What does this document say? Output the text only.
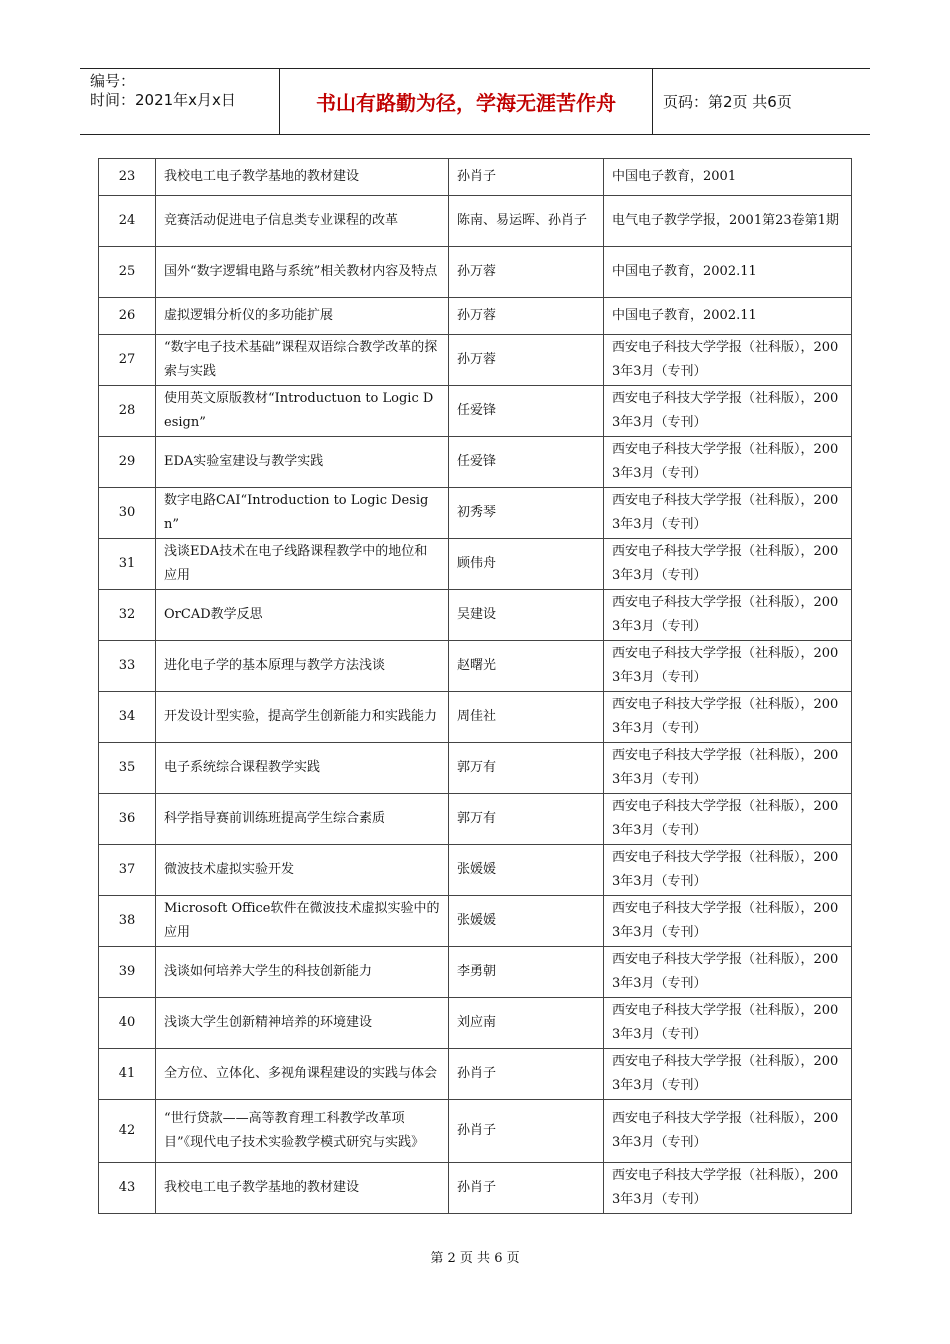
编号：
时间：2021年x月x日	书山有路勤为径，学海无涯苦作舟	页码：第2页 共6页
23	我校电工电子教学基地的教材建设	孙肖子	中国电子教育，2001
24	竞赛活动促进电子信息类专业课程的改革	陈南、易运晖、孙肖子	电气电子教学学报，2001第23卷第1期
25	国外“数字逻辑电路与系统”相关教材内容及特点	孙万蓉	中国电子教育，2002.11
26	虚拟逻辑分析仪的多功能扩展	孙万蓉	中国电子教育，2002.11
27	“数字电子技术基础”课程双语综合教学改革的探索与实践	孙万蓉	西安电子科技大学学报（社科版），2003年3月（专刊）
28	使用英文原版教材“Introductuon to Logic Design”	任爱锋	西安电子科技大学学报（社科版），2003年3月（专刊）
29	EDA实验室建设与教学实践	任爱锋	西安电子科技大学学报（社科版），2003年3月（专刊）
30	数字电路CAI“Introduction to Logic Design”	初秀琴	西安电子科技大学学报（社科版），2003年3月（专刊）
31	浅谈EDA技术在电子线路课程教学中的地位和应用	顾伟舟	西安电子科技大学学报（社科版），2003年3月（专刊）
32	OrCAD教学反思	吴建设	西安电子科技大学学报（社科版），2003年3月（专刊）
33	进化电子学的基本原理与教学方法浅谈	赵曙光	西安电子科技大学学报（社科版），2003年3月（专刊）
34	开发设计型实验，提高学生创新能力和实践能力	周佳社	西安电子科技大学学报（社科版），2003年3月（专刊）
35	电子系统综合课程教学实践	郭万有	西安电子科技大学学报（社科版），2003年3月（专刊）
36	科学指导赛前训练班提高学生综合素质	郭万有	西安电子科技大学学报（社科版），2003年3月（专刊）
37	微波技术虚拟实验开发	张媛媛	西安电子科技大学学报（社科版），2003年3月（专刊）
38	Microsoft Office软件在微波技术虚拟实验中的应用	张媛媛	西安电子科技大学学报（社科版），2003年3月（专刊）
39	浅谈如何培养大学生的科技创新能力	李勇朝	西安电子科技大学学报（社科版），2003年3月（专刊）
40	浅谈大学生创新精神培养的环境建设	刘应南	西安电子科技大学学报（社科版），2003年3月（专刊）
41	全方位、立体化、多视角课程建设的实践与体会	孙肖子	西安电子科技大学学报（社科版），2003年3月（专刊）
42	“世行贷款——高等教育理工科教学改革项目”《现代电子技术实验教学模式研究与实践》	孙肖子	西安电子科技大学学报（社科版），2003年3月（专刊）
43	我校电工电子教学基地的教材建设	孙肖子	西安电子科技大学学报（社科版），2003年3月（专刊）
第 2 页 共 6 页
